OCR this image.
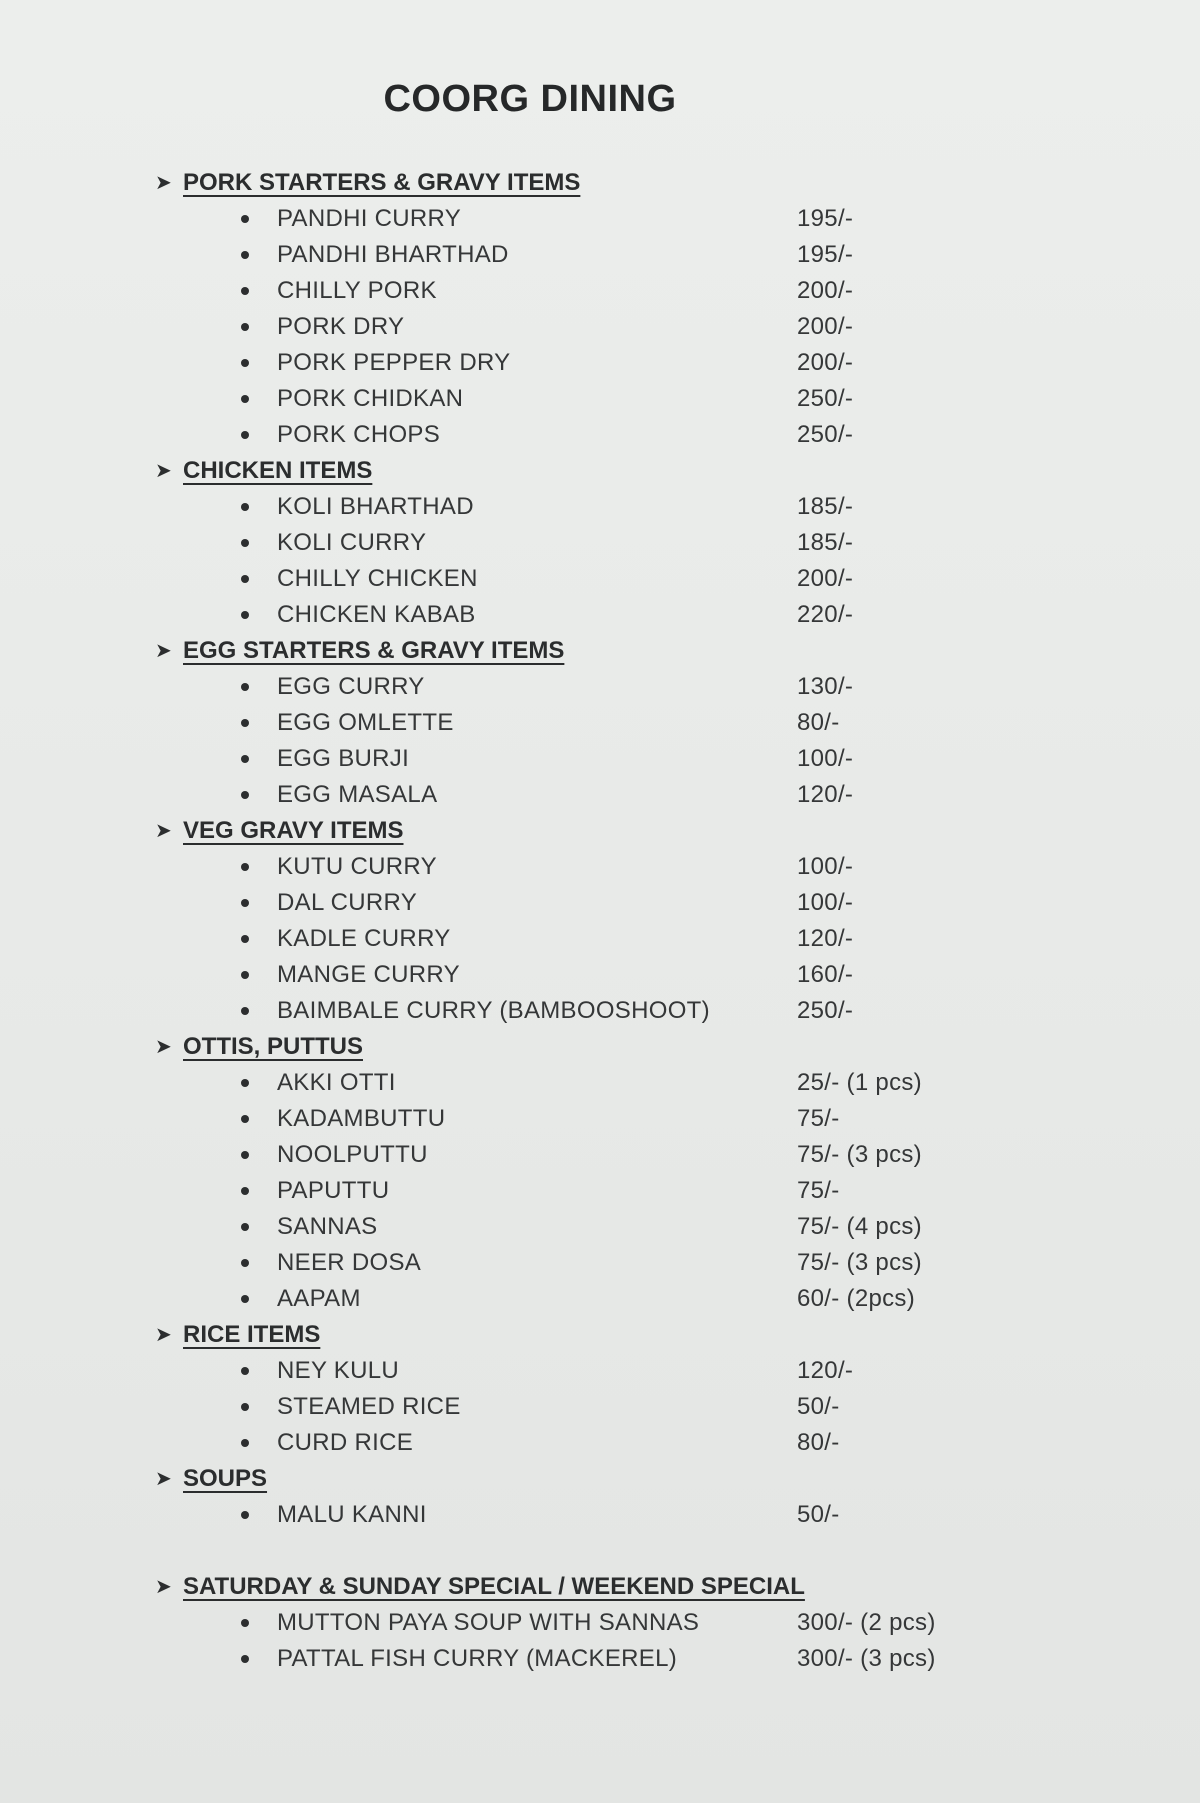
COORG DINING
➤ PORK STARTERS & GRAVY ITEMS
PANDHI CURRY	195/-
PANDHI BHARTHAD	195/-
CHILLY PORK	200/-
PORK DRY	200/-
PORK PEPPER DRY	200/-
PORK CHIDKAN	250/-
PORK CHOPS	250/-
➤ CHICKEN ITEMS
KOLI BHARTHAD	185/-
KOLI CURRY	185/-
CHILLY CHICKEN	200/-
CHICKEN KABAB	220/-
➤ EGG STARTERS & GRAVY ITEMS
EGG CURRY	130/-
EGG OMLETTE	80/-
EGG BURJI	100/-
EGG MASALA	120/-
➤ VEG GRAVY ITEMS
KUTU CURRY	100/-
DAL CURRY	100/-
KADLE CURRY	120/-
MANGE CURRY	160/-
BAIMBALE CURRY (BAMBOOSHOOT)	250/-
➤ OTTIS, PUTTUS
AKKI OTTI	25/- (1 pcs)
KADAMBUTTU	75/-
NOOLPUTTU	75/- (3 pcs)
PAPUTTU	75/-
SANNAS	75/- (4 pcs)
NEER DOSA	75/- (3 pcs)
AAPAM	60/- (2pcs)
➤ RICE ITEMS
NEY KULU	120/-
STEAMED RICE	50/-
CURD RICE	80/-
➤ SOUPS
MALU KANNI	50/-
➤ SATURDAY & SUNDAY SPECIAL / WEEKEND SPECIAL
MUTTON PAYA SOUP WITH SANNAS	300/- (2 pcs)
PATTAL FISH CURRY (MACKEREL)	300/- (3 pcs)
